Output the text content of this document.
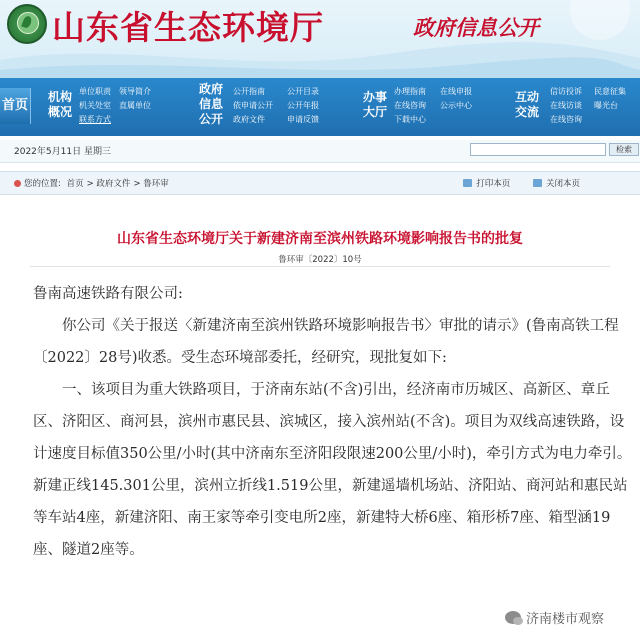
山东省生态环境厅	政府信息公开
首页
机构
概况
单位职责 领导简介
机关处室 直属单位
联系方式
政府
信息
公开
公开指南	公开目录
依申请公开 公开年报
政府文件	申请反馈
办事
大厅
办理指南 在线申报
在线咨询 公示中心
下载中心
互动
交流
信访投诉 民意征集
在线访谈 曝光台
在线咨询
2022年5月11日 星期三	检索
您的位置: 首页 > 政府文件 > 鲁环审	打印本页	关闭本页
山东省生态环境厅关于新建济南至滨州铁路环境影响报告书的批复
鲁环审〔2022〕10号

鲁南高速铁路有限公司:

你公司《关于报送〈新建济南至滨州铁路环境影响报告书〉审批的请示》(鲁南高铁工程〔2022〕28号)收悉。受生态环境部委托，经研究，现批复如下:

一、该项目为重大铁路项目，于济南东站(不含)引出，经济南市历城区、高新区、章丘区、济阳区、商河县，滨州市惠民县、滨城区，接入滨州站(不含)。项目为双线高速铁路，设计速度目标值350公里/小时(其中济南东至济阳段限速200公里/小时)，牵引方式为电力牵引。新建正线145.301公里，滨州立折线1.519公里，新建遥墙机场站、济阳站、商河站和惠民站等车站4座，新建济阳、南王家等牵引变电所2座，新建特大桥6座、箱形桥7座、箱型涵19座、隧道2座等。

济南楼市观察
